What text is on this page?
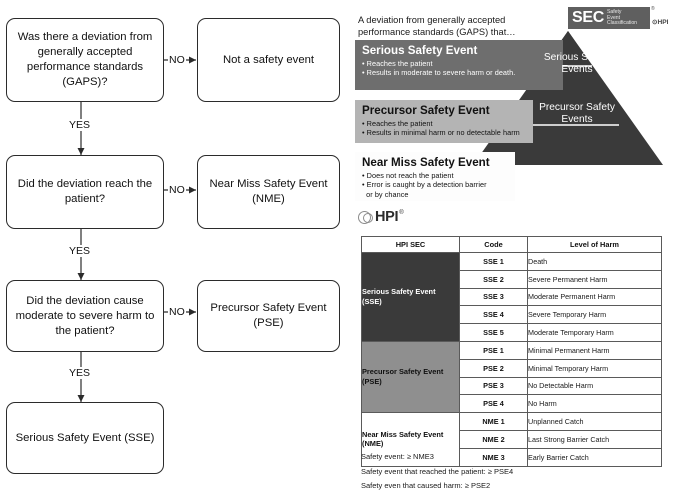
Was there a deviation from generally accepted performance standards (GAPS)?
Not a safety event
Did the deviation reach the patient?
Near Miss Safety Event (NME)
Did the deviation cause moderate to severe harm to the patient?
Precursor Safety Event (PSE)
Serious Safety Event (SSE)
NO
YES
NO
YES
NO
YES
A deviation from generally accepted performance standards (GAPS) that…
Serious Safety Event
• Reaches the patient
• Results in moderate to severe harm or death.
Precursor Safety Event
• Reaches the patient
• Results in minimal harm or no detectable harm
Near Miss Safety Event
• Does not reach the patient
• Error is caught by a detection barrier
or by chance
Serious Safety Events
Precursor Safety Events
Near Miss Safety Event
SEC Safety
Event
Classification
®
⊙HPI
HPI ®
HPI SEC	Code	Level of Harm

Serious Safety Event
(SSE)	SSE 1	Death
	SSE 2	Severe Permanent Harm
	SSE 3	Moderate Permanent Harm
	SSE 4	Severe Temporary Harm
	SSE 5	Moderate Temporary Harm

Precursor Safety Event
(PSE)	PSE 1	Minimal Permanent Harm
	PSE 2	Minimal Temporary Harm
	PSE 3	No Detectable Harm
	PSE 4	No Harm

Near Miss Safety Event
(NME)	NME 1	Unplanned Catch
	NME 2	Last Strong Barrier Catch
	NME 3	Early Barrier Catch
Safety event: ≥ NME3
Safety event that reached the patient: ≥ PSE4
Safety even that caused harm: ≥ PSE2
